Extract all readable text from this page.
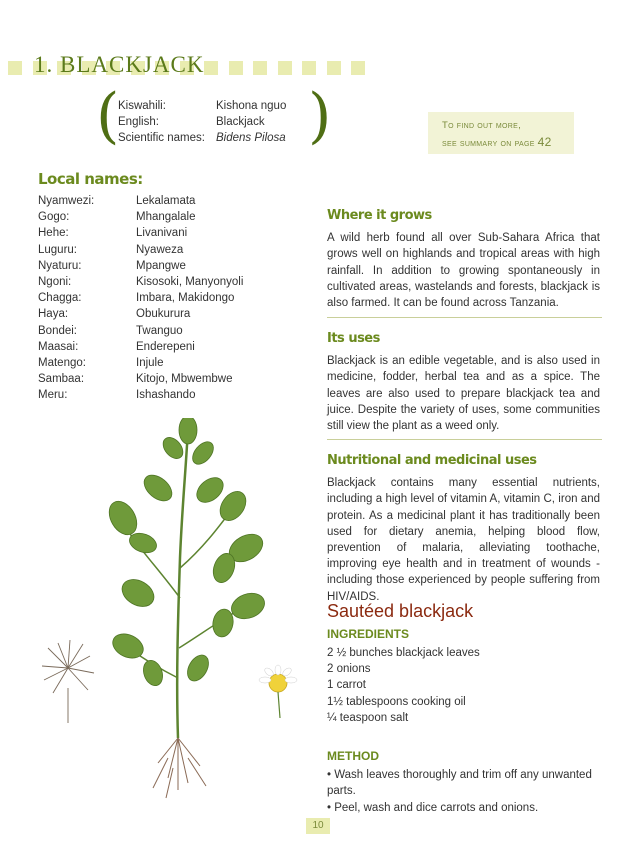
1. BLACKJACK
(	)
Kiswahili:	Kishona nguo
English:	Blackjack
Scientific names: Bidens Pilosa
To find out more,
see summary on page 42
Local names:
Nyamwezi:	Lekalamata
Gogo:	Mhangalale
Hehe:	Livanivani
Luguru:	Nyaweza
Nyaturu:	Mpangwe
Ngoni:	Kisosoki, Manyonyoli
Chagga:	Imbara, Makidongo
Haya:	Obukurura
Bondei:	Twanguo
Maasai:	Enderepeni
Matengo:	Injule
Sambaa:	Kitojo, Mbwembwe
Meru:	Ishashando
Where it grows
A wild herb found all over Sub-Sahara Africa that grows well on highlands and tropical areas with high rainfall. In addition to growing spontaneously in cultivated areas, wastelands and forests, blackjack is also farmed. It can be found across Tanzania.
Its uses
Blackjack is an edible vegetable, and is also used in medicine, fodder, herbal tea and as a spice. The leaves are also used to prepare blackjack tea and juice. Despite the variety of uses, some communities still view the plant as a weed only.
Nutritional and medicinal uses
Blackjack contains many essential nutrients, including a high level of vitamin A, vitamin C, iron and protein. As a medicinal plant it has traditionally been used for dietary anemia, helping blood flow, prevention of malaria, alleviating toothache, improving eye health and in treatment of wounds - including those experienced by people suffering from HIV/AIDS.
Sautéed blackjack
INGREDIENTS
2 ½ bunches blackjack leaves
2 onions
1 carrot
1½ tablespoons cooking oil
¼ teaspoon salt
METHOD
• Wash leaves thoroughly and trim off any unwanted parts.
• Peel, wash and dice carrots and onions.
10
